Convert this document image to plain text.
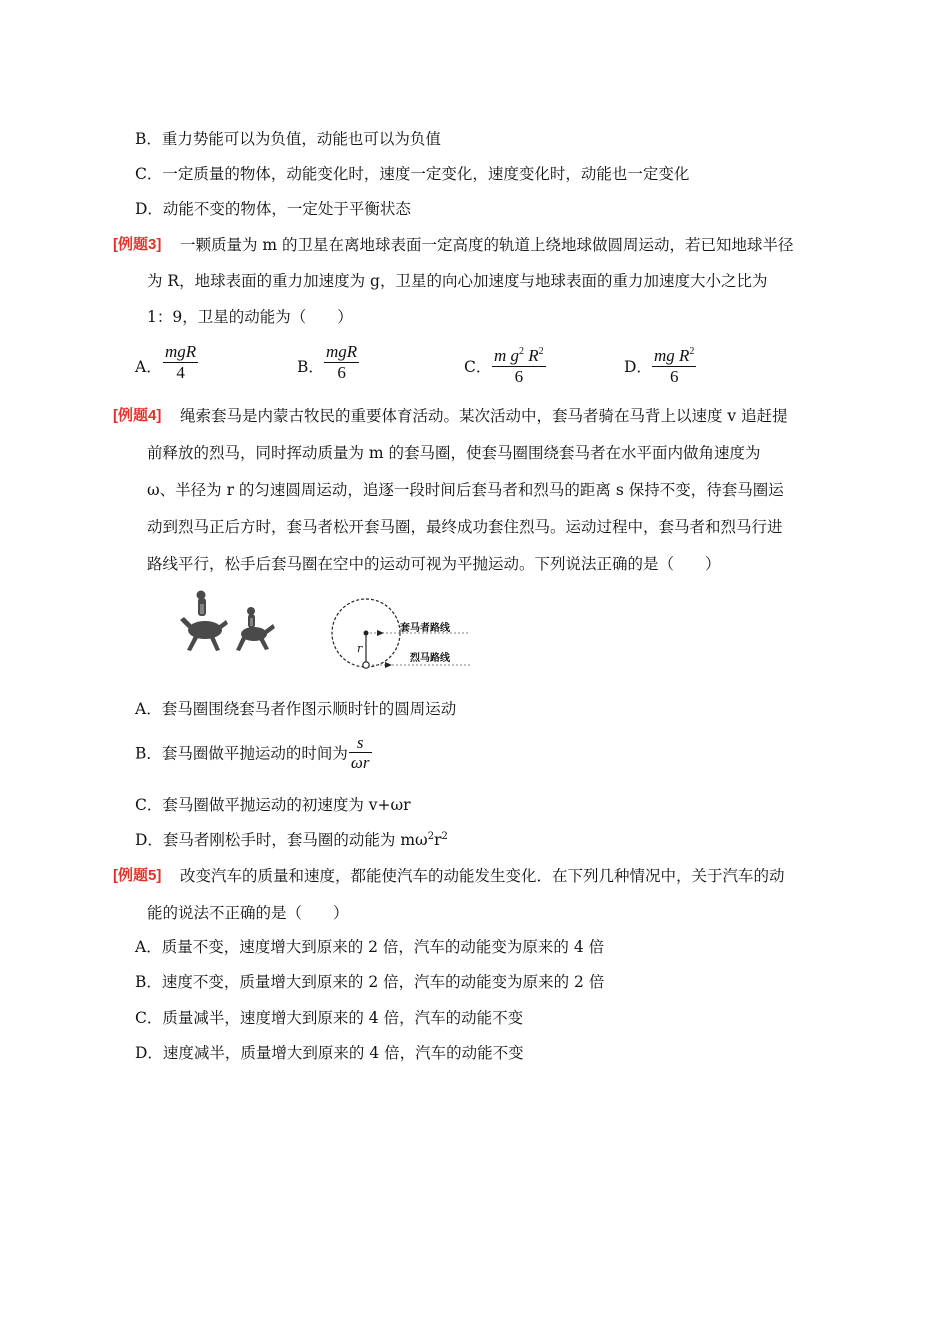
B．重力势能可以为负值，动能也可以为负值
C．一定质量的物体，动能变化时，速度一定变化，速度变化时，动能也一定变化
D．动能不变的物体，一定处于平衡状态
[例题3] 一颗质量为 m 的卫星在离地球表面一定高度的轨道上绕地球做圆周运动，若已知地球半径
为 R，地球表面的重力加速度为 g，卫星的向心加速度与地球表面的重力加速度大小之比为
1：9，卫星的动能为（　　）
A．
mgR
4	B．
mgR
6	C．
m $g^2$ $R^2$
6	D．
mg $R^2$
6
[例题4] 绳索套马是内蒙古牧民的重要体育活动。某次活动中，套马者骑在马背上以速度 v 追赶提
前释放的烈马，同时挥动质量为 m 的套马圈，使套马圈围绕套马者在水平面内做角速度为
ω、半径为 r 的匀速圆周运动，追逐一段时间后套马者和烈马的距离 s 保持不变，待套马圈运
动到烈马正后方时，套马者松开套马圈，最终成功套住烈马。运动过程中，套马者和烈马行进
路线平行，松手后套马圈在空中的运动可视为平抛运动。下列说法正确的是（　　）
套马者路线
烈马路线
r
A．套马圈围绕套马者作图示顺时针的圆周运动
B．套马圈做平抛运动的时间为 $\frac{s}{\omega r}$
C．套马圈做平抛运动的初速度为 v+ωr
D．套马者刚松手时，套马圈的动能为 $m\omega^2r^2$
[例题5] 改变汽车的质量和速度，都能使汽车的动能发生变化．在下列几种情况中，关于汽车的动
能的说法不正确的是（　　）
A．质量不变，速度增大到原来的 2 倍，汽车的动能变为原来的 4 倍
B．速度不变，质量增大到原来的 2 倍，汽车的动能变为原来的 2 倍
C．质量减半，速度增大到原来的 4 倍，汽车的动能不变
D．速度减半，质量增大到原来的 4 倍，汽车的动能不变
